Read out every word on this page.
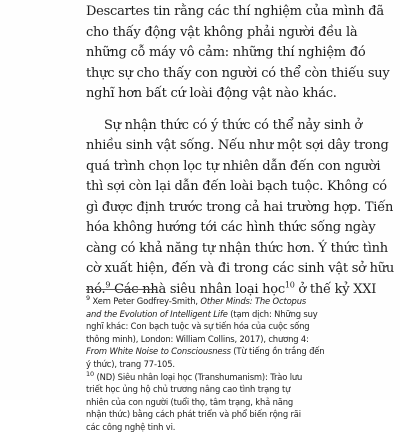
Descartes tin rằng các thí nghiệm của mình đã
cho thấy động vật không phải người đều là
những cỗ máy vô cảm: những thí nghiệm đó
thực sự cho thấy con người có thể còn thiếu suy
nghĩ hơn bất cứ loài động vật nào khác.

Sự nhận thức có ý thức có thể nảy sinh ở
nhiều sinh vật sống. Nếu như một sợi dây trong
quá trình chọn lọc tự nhiên dẫn đến con người
thì sợi còn lại dẫn đến loài bạch tuộc. Không có
gì được định trước trong cả hai trường hợp. Tiến
hóa không hướng tới các hình thức sống ngày
càng có khả năng tự nhận thức hơn. Ý thức tình
cờ xuất hiện, đến và đi trong các sinh vật sở hữu
nó.$^9$ Các nhà siêu nhân loại học$^{10}$ ở thế kỷ XXI

$^9$ Xem Peter Godfrey-Smith, Other Minds: The Octopus
and the Evolution of Intelligent Life (tạm dịch: Những suy
nghĩ khác: Con bạch tuộc và sự tiến hóa của cuộc sống
thông minh), London: William Collins, 2017), chương 4:
From White Noise to Consciousness (Từ tiếng ồn trắng đến
ý thức), trang 77-105.
$^{10}$ (ND) Siêu nhân loại học (Transhumanism): Trào lưu
triết học ủng hộ chủ trương nâng cao tình trạng tự
nhiên của con người (tuổi thọ, tâm trạng, khả năng
nhận thức) bằng cách phát triển và phổ biến rộng rãi
các công nghệ tinh vi.
